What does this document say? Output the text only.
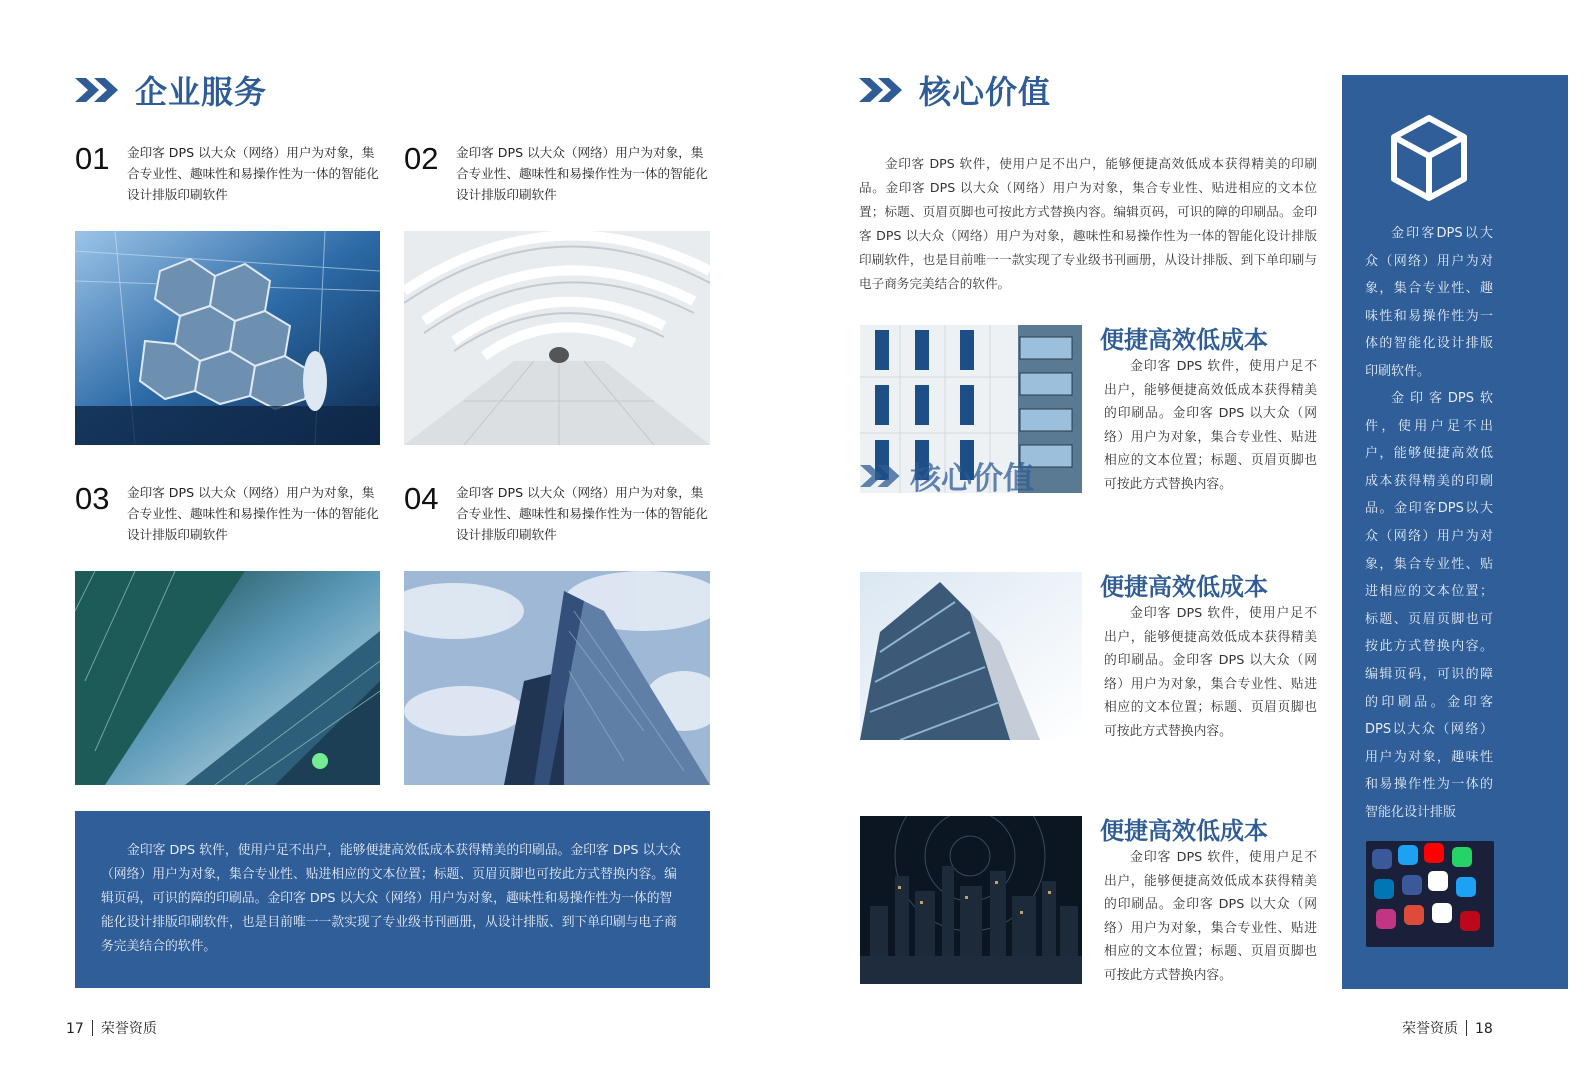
企业服务
01 金印客 DPS 以大众（网络）用户为对象，集合专业性、趣味性和易操作性为一体的智能化设计排版印刷软件
02 金印客 DPS 以大众（网络）用户为对象，集合专业性、趣味性和易操作性为一体的智能化设计排版印刷软件
03 金印客 DPS 以大众（网络）用户为对象，集合专业性、趣味性和易操作性为一体的智能化设计排版印刷软件
04 金印客 DPS 以大众（网络）用户为对象，集合专业性、趣味性和易操作性为一体的智能化设计排版印刷软件
金印客 DPS 软件，使用户足不出户，能够便捷高效低成本获得精美的印刷品。金印客 DPS 以大众（网络）用户为对象，集合专业性、贴进相应的文本位置；标题、页眉页脚也可按此方式替换内容。编辑页码，可识的障的印刷品。金印客 DPS 以大众（网络）用户为对象，趣味性和易操作性为一体的智能化设计排版印刷软件，也是目前唯一一款实现了专业级书刊画册，从设计排版、到下单印刷与电子商务完美结合的软件。
17 荣誉资质
核心价值
金印客 DPS 软件，使用户足不出户，能够便捷高效低成本获得精美的印刷品。金印客 DPS 以大众（网络）用户为对象，集合专业性、贴进相应的文本位置；标题、页眉页脚也可按此方式替换内容。编辑页码，可识的障的印刷品。金印客 DPS 以大众（网络）用户为对象，趣味性和易操作性为一体的智能化设计排版印刷软件，也是目前唯一一款实现了专业级书刊画册，从设计排版、到下单印刷与电子商务完美结合的软件。
核心价值
便捷高效低成本
金印客 DPS 软件，使用户足不出户，能够便捷高效低成本获得精美的印刷品。金印客 DPS 以大众（网络）用户为对象，集合专业性、贴进相应的文本位置；标题、页眉页脚也可按此方式替换内容。
便捷高效低成本
金印客 DPS 软件，使用户足不出户，能够便捷高效低成本获得精美的印刷品。金印客 DPS 以大众（网络）用户为对象，集合专业性、贴进相应的文本位置；标题、页眉页脚也可按此方式替换内容。
便捷高效低成本
金印客 DPS 软件，使用户足不出户，能够便捷高效低成本获得精美的印刷品。金印客 DPS 以大众（网络）用户为对象，集合专业性、贴进相应的文本位置；标题、页眉页脚也可按此方式替换内容。
金印客DPS以大众（网络）用户为对象，集合专业性、趣味性和易操作性为一体的智能化设计排版印刷软件。
金印客DPS软件，使用户足不出户，能够便捷高效低成本获得精美的印刷品。金印客DPS以大众（网络）用户为对象，集合专业性、贴进相应的文本位置；标题、页眉页脚也可按此方式替换内容。编辑页码，可识的障的印刷品。金印客DPS以大众（网络）用户为对象，趣味性和易操作性为一体的智能化设计排版
荣誉资质 18
